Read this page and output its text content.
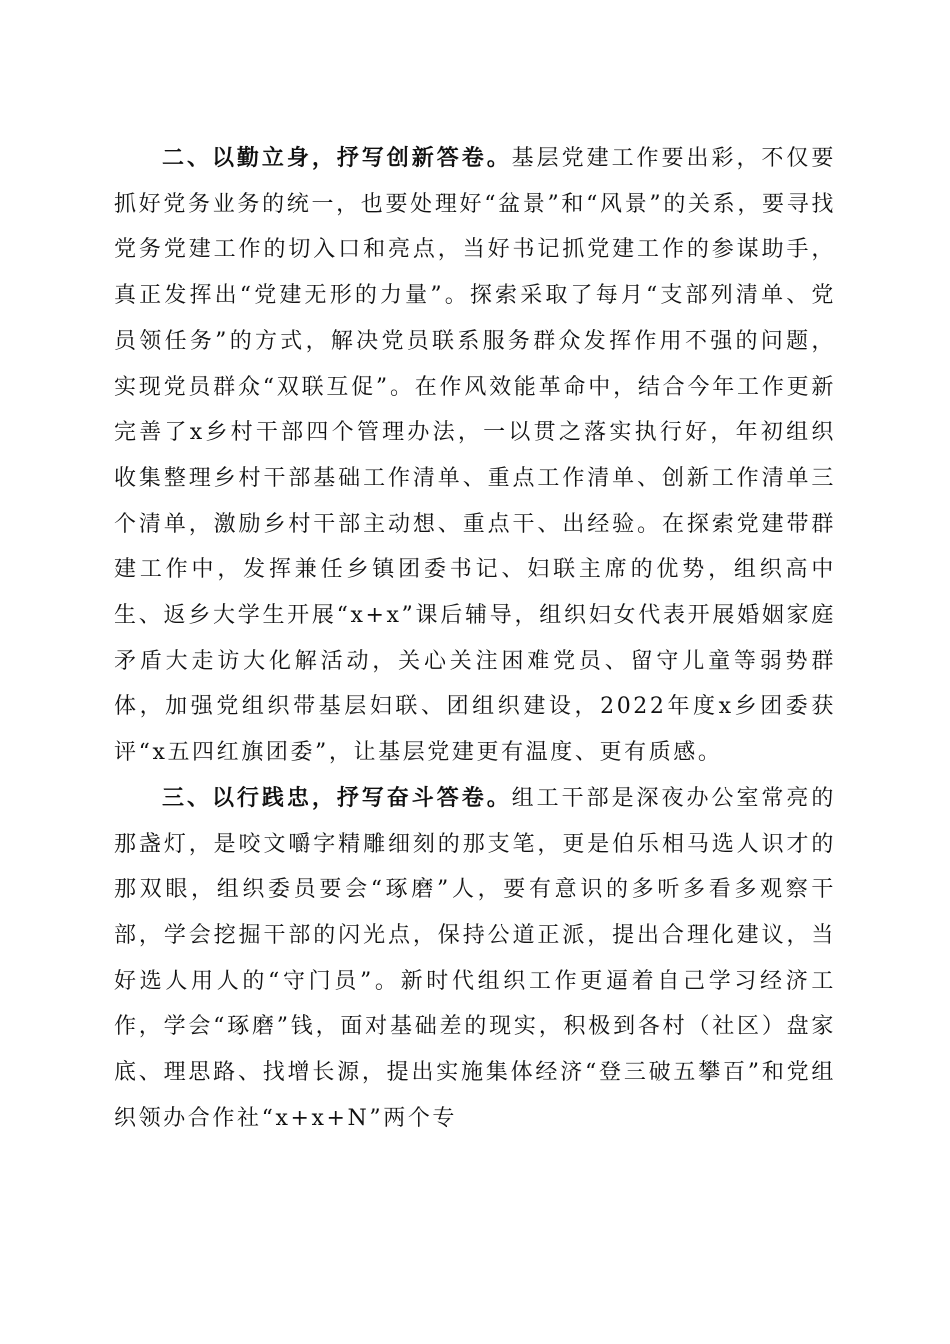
二、以勤立身，抒写创新答卷。基层党建工作要出彩，不仅要抓好党务业务的统一，也要处理好“盆景”和“风景”的关系，要寻找党务党建工作的切入口和亮点，当好书记抓党建工作的参谋助手，真正发挥出“党建无形的力量”。探索采取了每月“支部列清单、党员领任务”的方式，解决党员联系服务群众发挥作用不强的问题，实现党员群众“双联互促”。在作风效能革命中，结合今年工作更新完善了x乡村干部四个管理办法，一以贯之落实执行好，年初组织收集整理乡村干部基础工作清单、重点工作清单、创新工作清单三个清单，激励乡村干部主动想、重点干、出经验。在探索党建带群建工作中，发挥兼任乡镇团委书记、妇联主席的优势，组织高中生、返乡大学生开展“x+x”课后辅导，组织妇女代表开展婚姻家庭矛盾大走访大化解活动，关心关注困难党员、留守儿童等弱势群体，加强党组织带基层妇联、团组织建设，2022年度x乡团委获评“x五四红旗团委”，让基层党建更有温度、更有质感。

三、以行践忠，抒写奋斗答卷。组工干部是深夜办公室常亮的那盏灯，是咬文嚼字精雕细刻的那支笔，更是伯乐相马选人识才的那双眼，组织委员要会“琢磨”人，要有意识的多听多看多观察干部，学会挖掘干部的闪光点，保持公道正派，提出合理化建议，当好选人用人的“守门员”。新时代组织工作更逼着自己学习经济工作，学会“琢磨”钱，面对基础差的现实，积极到各村（社区）盘家底、理思路、找增长源，提出实施集体经济“登三破五攀百”和党组织领办合作社“x+x+N”两个专
